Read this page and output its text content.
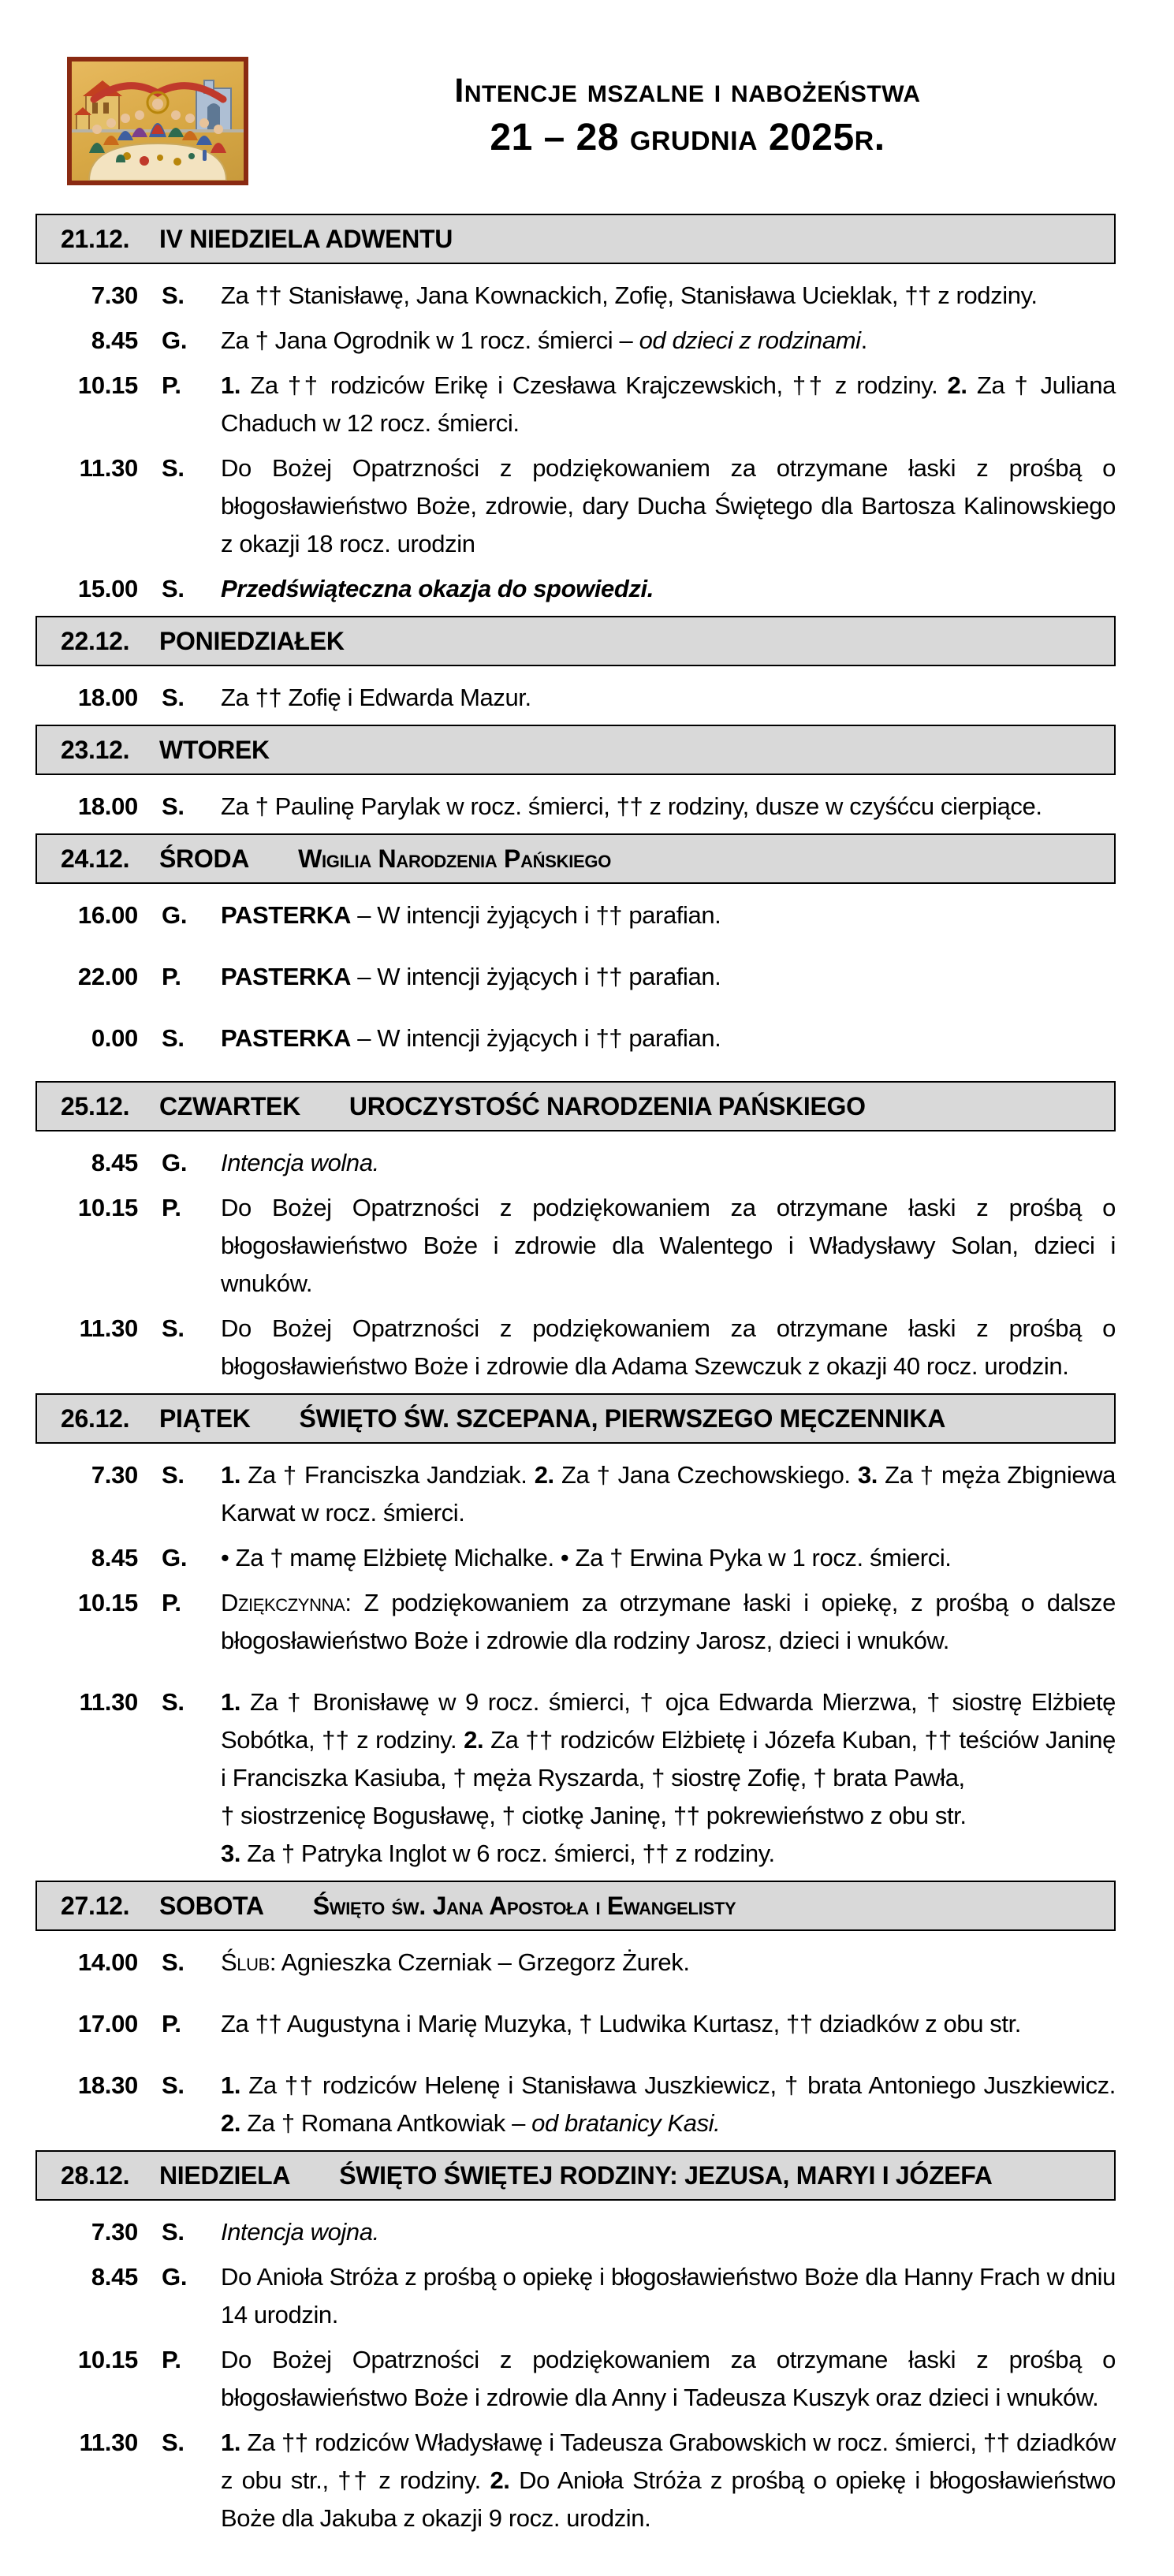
Intencje mszalne i nabożeństwa
21 – 28 grudnia 2025r.
21.12.	IV NIEDZIELA ADWENTU
7.30 S.	Za †† Stanisławę, Jana Kownackich, Zofię, Stanisława Ucieklak, †† z rodziny.

8.45 G.	Za † Jana Ogrodnik w 1 rocz. śmierci – od dzieci z rodzinami.

10.15 P.	1. Za †† rodziców Erikę i Czesława Krajczewskich, †† z rodziny. 2. Za † Juliana Chaduch w 12 rocz. śmierci.

11.30 S.	Do Bożej Opatrzności z podziękowaniem za otrzymane łaski z prośbą o błogosławieństwo Boże, zdrowie, dary Ducha Świętego dla Bartosza Kalinowskiego z okazji 18 rocz. urodzin

15.00 S.	Przedświąteczna okazja do spowiedzi.

22.12.	PONIEDZIAŁEK
18.00 S.	Za †† Zofię i Edwarda Mazur.

23.12.	WTOREK
18.00 S.	Za † Paulinę Parylak w rocz. śmierci, †† z rodziny, dusze w czyśćcu cierpiące.

24.12.	ŚRODA Wigilia Narodzenia Pańskiego
16.00 G.	PASTERKA – W intencji żyjących i †† parafian.

22.00 P.	PASTERKA – W intencji żyjących i †† parafian.

0.00 S.	PASTERKA – W intencji żyjących i †† parafian.

25.12.	CZWARTEK UROCZYSTOŚĆ NARODZENIA PAŃSKIEGO
8.45 G.	Intencja wolna.

10.15 P.	Do Bożej Opatrzności z podziękowaniem za otrzymane łaski z prośbą o błogosławieństwo Boże i zdrowie dla Walentego i Władysławy Solan, dzieci i wnuków.

11.30 S.	Do Bożej Opatrzności z podziękowaniem za otrzymane łaski z prośbą o błogosławieństwo Boże i zdrowie dla Adama Szewczuk z okazji 40 rocz. urodzin.

26.12.	PIĄTEK ŚWIĘTO ŚW. SZCEPANA, PIERWSZEGO MĘCZENNIKA
7.30 S.	1. Za † Franciszka Jandziak. 2. Za † Jana Czechowskiego. 3. Za † męża Zbigniewa Karwat w rocz. śmierci.

8.45 G.	• Za † mamę Elżbietę Michalke. • Za † Erwina Pyka w 1 rocz. śmierci.

10.15 P.	Dziękczynna: Z podziękowaniem za otrzymane łaski i opiekę, z prośbą o dalsze błogosławieństwo Boże i zdrowie dla rodziny Jarosz, dzieci i wnuków.

11.30 S.	1. Za † Bronisławę w 9 rocz. śmierci, † ojca Edwarda Mierzwa, † siostrę Elżbietę Sobótka, †† z rodziny. 2. Za †† rodziców Elżbietę i Józefa Kuban, †† teściów Janinę i Franciszka Kasiuba, † męża Ryszarda, † siostrę Zofię, † brata Pawła,
† siostrzenicę Bogusławę, † ciotkę Janinę, †† pokrewieństwo z obu str.
3. Za † Patryka Inglot w 6 rocz. śmierci, †† z rodziny.

27.12.	SOBOTA Święto św. Jana Apostoła i Ewangelisty
14.00 S.	Ślub: Agnieszka Czerniak – Grzegorz Żurek.

17.00 P.	Za †† Augustyna i Marię Muzyka, † Ludwika Kurtasz, †† dziadków z obu str.

18.30 S.	1. Za †† rodziców Helenę i Stanisława Juszkiewicz, † brata Antoniego Juszkiewicz. 2. Za † Romana Antkowiak – od bratanicy Kasi.

28.12.	NIEDZIELA ŚWIĘTO ŚWIĘTEJ RODZINY: JEZUSA, MARYI I JÓZEFA
7.30 S.	Intencja wojna.

8.45 G.	Do Anioła Stróża z prośbą o opiekę i błogosławieństwo Boże dla Hanny Frach w dniu 14 urodzin.

10.15 P.	Do Bożej Opatrzności z podziękowaniem za otrzymane łaski z prośbą o błogosławieństwo Boże i zdrowie dla Anny i Tadeusza Kuszyk oraz dzieci i wnuków.

11.30 S.	1. Za †† rodziców Władysławę i Tadeusza Grabowskich w rocz. śmierci, †† dziadków z obu str., †† z rodziny. 2. Do Anioła Stróża z prośbą o opiekę i błogosławieństwo Boże dla Jakuba z okazji 9 rocz. urodzin.
